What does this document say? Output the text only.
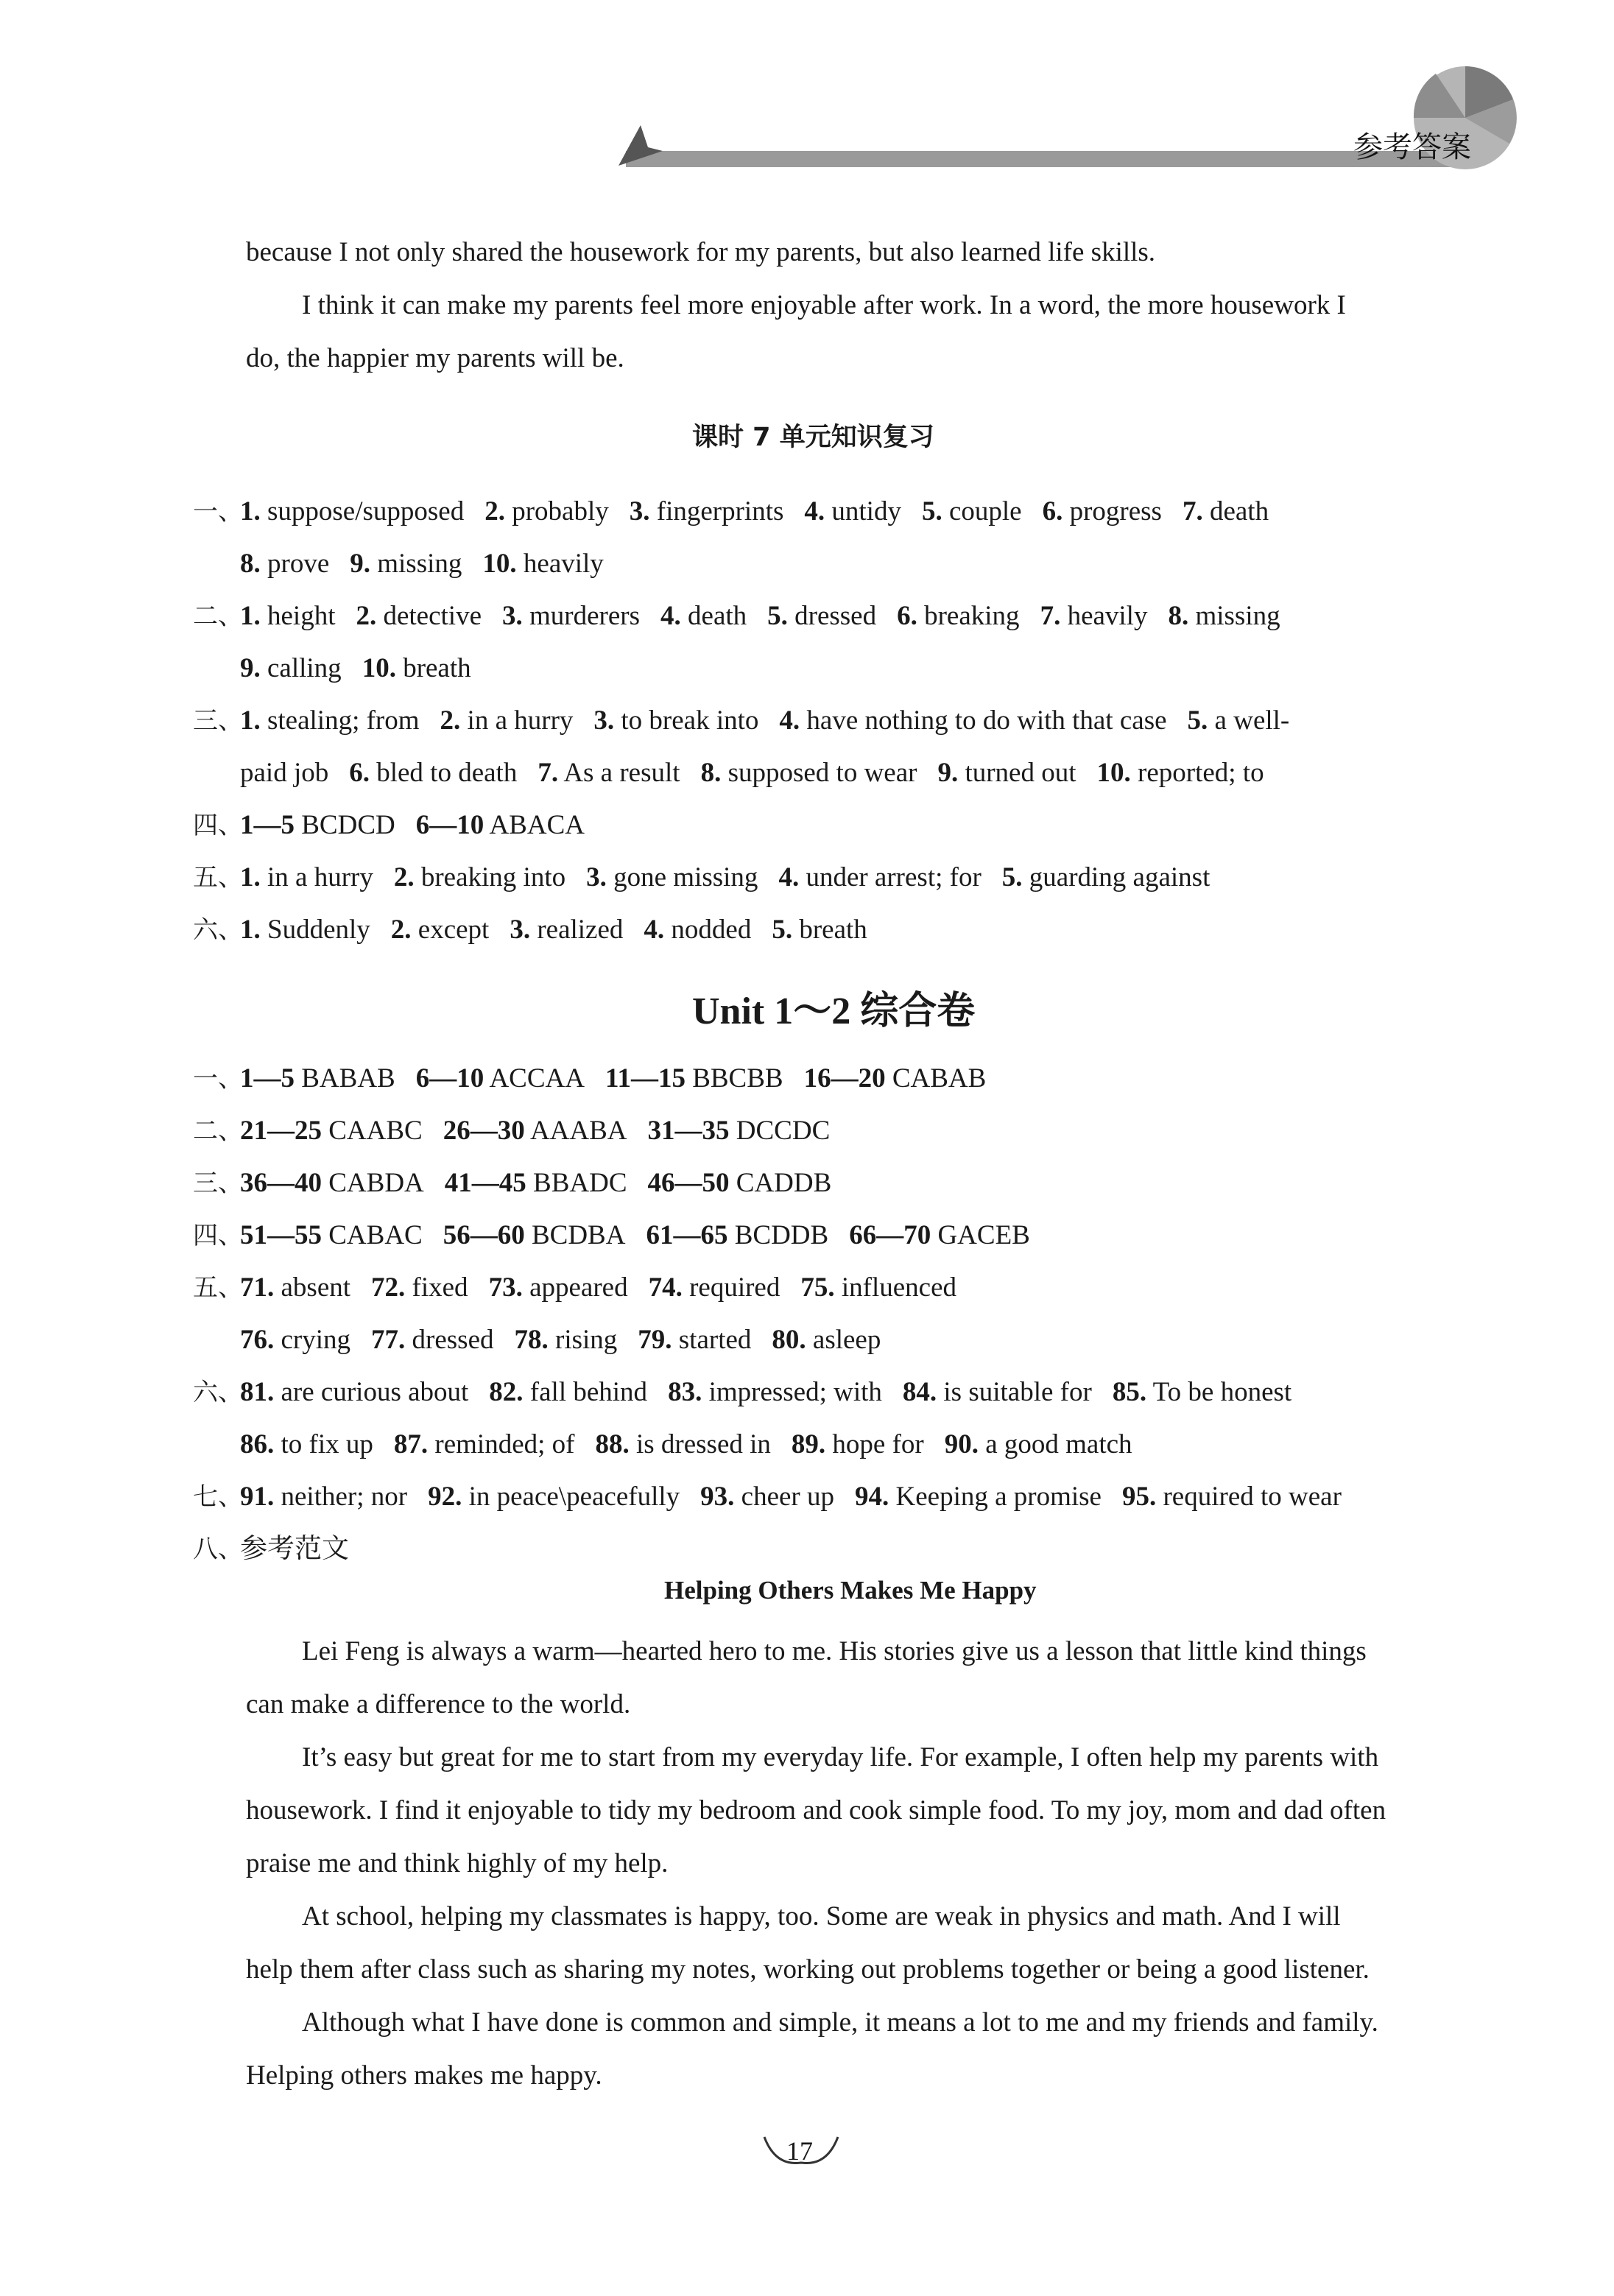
参考答案
because I not only shared the housework for my parents, but also learned life skills.
I think it can make my parents feel more enjoyable after work. In a word, the more housework I
do, the happier my parents will be.
课时 7 单元知识复习
一、1. suppose/supposed 2. probably 3. fingerprints 4. untidy 5. couple 6. progress 7. death
8. prove 9. missing 10. heavily
二、1. height 2. detective 3. murderers 4. death 5. dressed 6. breaking 7. heavily 8. missing
9. calling 10. breath
三、1. stealing; from 2. in a hurry 3. to break into 4. have nothing to do with that case 5. a well-
paid job 6. bled to death 7. As a result 8. supposed to wear 9. turned out 10. reported; to
四、1—5 BCDCD 6—10 ABACA
五、1. in a hurry 2. breaking into 3. gone missing 4. under arrest; for 5. guarding against
六、1. Suddenly 2. except 3. realized 4. nodded 5. breath
Unit 1～2 综合卷
一、1—5 BABAB 6—10 ACCAA 11—15 BBCBB 16—20 CABAB
二、21—25 CAABC 26—30 AAABA 31—35 DCCDC
三、36—40 CABDA 41—45 BBADC 46—50 CADDB
四、51—55 CABAC 56—60 BCDBA 61—65 BCDDB 66—70 GACEB
五、71. absent 72. fixed 73. appeared 74. required 75. influenced
76. crying 77. dressed 78. rising 79. started 80. asleep
六、81. are curious about 82. fall behind 83. impressed; with 84. is suitable for 85. To be honest
86. to fix up 87. reminded; of 88. is dressed in 89. hope for 90. a good match
七、91. neither; nor 92. in peace\peacefully 93. cheer up 94. Keeping a promise 95. required to wear
八、参考范文
Helping Others Makes Me Happy
Lei Feng is always a warm—hearted hero to me. His stories give us a lesson that little kind things
can make a difference to the world.
It’s easy but great for me to start from my everyday life. For example, I often help my parents with
housework. I find it enjoyable to tidy my bedroom and cook simple food. To my joy, mom and dad often
praise me and think highly of my help.
At school, helping my classmates is happy, too. Some are weak in physics and math. And I will
help them after class such as sharing my notes, working out problems together or being a good listener.
Although what I have done is common and simple, it means a lot to me and my friends and family.
Helping others makes me happy.
17
